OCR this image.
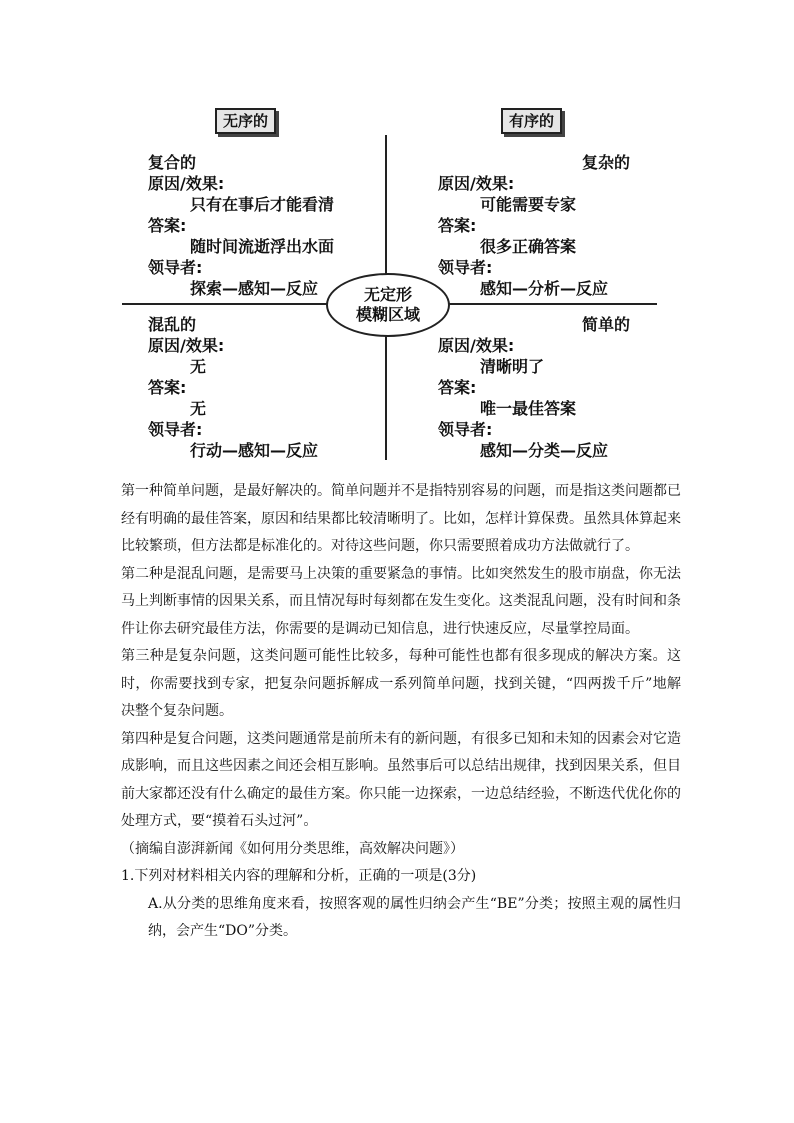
无序的	有序的
复合的
原因/效果:
只有在事后才能看清
答案:
随时间流逝浮出水面
领导者:
探索—感知—反应
复杂的
原因/效果:
可能需要专家
答案:
很多正确答案
领导者:
感知—分析—反应
混乱的
原因/效果:
无
答案:
无
领导者:
行动—感知—反应
简单的
原因/效果:
清晰明了
答案:
唯一最佳答案
领导者:
感知—分类—反应
无定形
模糊区域

第一种简单问题，是最好解决的。简单问题并不是指特别容易的问题，而是指这类问题都已经有明确的最佳答案，原因和结果都比较清晰明了。比如，怎样计算保费。虽然具体算起来比较繁琐，但方法都是标准化的。对待这些问题，你只需要照着成功方法做就行了。

第二种是混乱问题，是需要马上决策的重要紧急的事情。比如突然发生的股市崩盘，你无法马上判断事情的因果关系，而且情况每时每刻都在发生变化。这类混乱问题，没有时间和条件让你去研究最佳方法，你需要的是调动已知信息，进行快速反应，尽量掌控局面。

第三种是复杂问题，这类问题可能性比较多，每种可能性也都有很多现成的解决方案。这时，你需要找到专家，把复杂问题拆解成一系列简单问题，找到关键，“四两拨千斤”地解决整个复杂问题。

第四种是复合问题，这类问题通常是前所未有的新问题，有很多已知和未知的因素会对它造成影响，而且这些因素之间还会相互影响。虽然事后可以总结出规律，找到因果关系，但目前大家都还没有什么确定的最佳方案。你只能一边探索，一边总结经验，不断迭代优化你的处理方式，要“摸着石头过河”。

（摘编自澎湃新闻《如何用分类思维，高效解决问题》）

1.下列对材料相关内容的理解和分析，正确的一项是(3分)

A.从分类的思维角度来看，按照客观的属性归纳会产生“BE”分类；按照主观的属性归纳，会产生“DO”分类。
